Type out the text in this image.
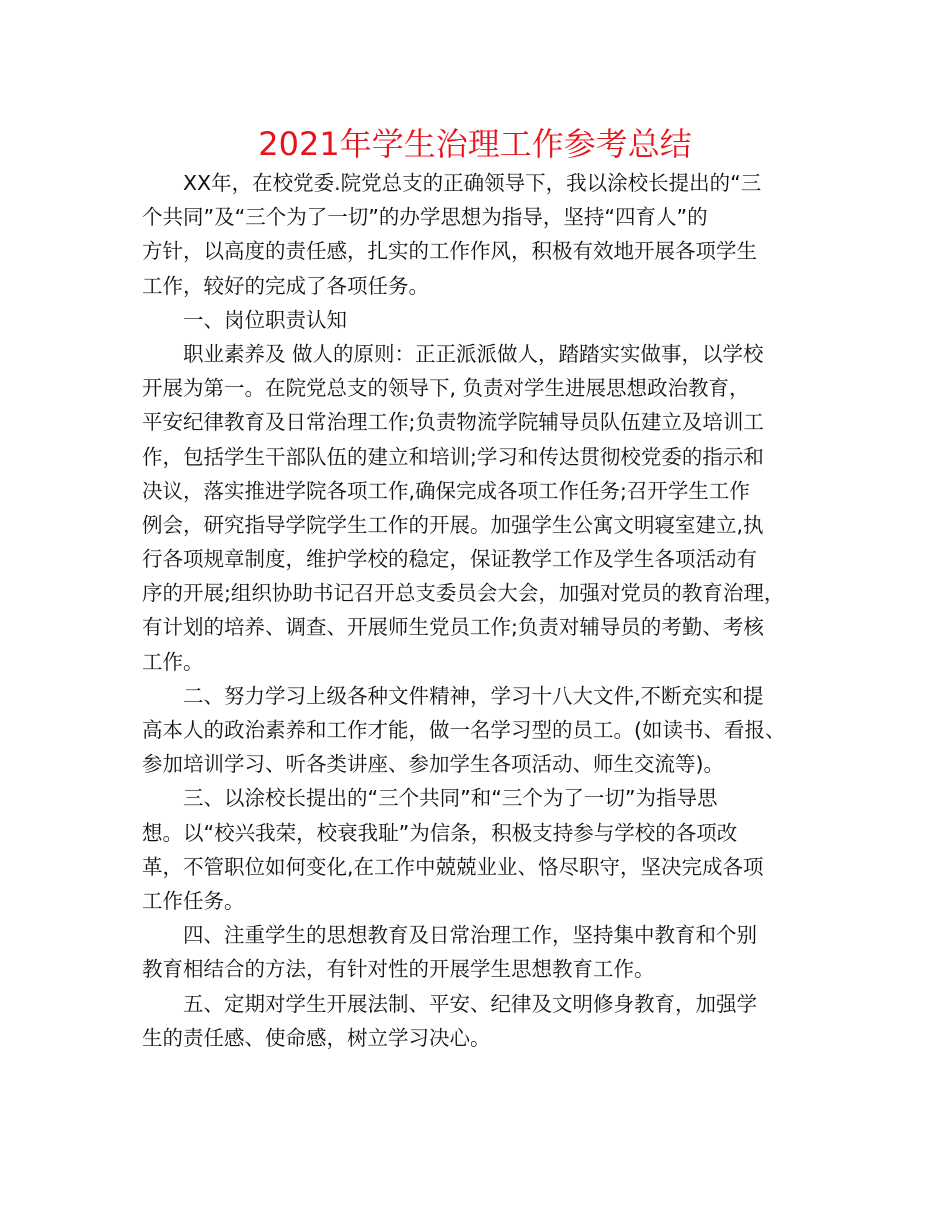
2021年学生治理工作参考总结
XX年，在校党委.院党总支的正确领导下，我以涂校长提出的“三
个共同”及“三个为了一切”的办学思想为指导，坚持“四育人”的
方针，以高度的责任感，扎实的工作作风，积极有效地开展各项学生
工作，较好的完成了各项任务。
一、岗位职责认知
职业素养及 做人的原则：正正派派做人，踏踏实实做事，以学校
开展为第一。在院党总支的领导下, 负责对学生进展思想政治教育，
平安纪律教育及日常治理工作;负责物流学院辅导员队伍建立及培训工
作，包括学生干部队伍的建立和培训;学习和传达贯彻校党委的指示和
决议，落实推进学院各项工作,确保完成各项工作任务;召开学生工作
例会，研究指导学院学生工作的开展。加强学生公寓文明寝室建立,执
行各项规章制度，维护学校的稳定，保证教学工作及学生各项活动有
序的开展;组织协助书记召开总支委员会大会，加强对党员的教育治理，
有计划的培养、调查、开展师生党员工作;负责对辅导员的考勤、考核
工作。
二、努力学习上级各种文件精神，学习十八大文件,不断充实和提
高本人的政治素养和工作才能，做一名学习型的员工。(如读书、看报、
参加培训学习、听各类讲座、参加学生各项活动、师生交流等)。
三、以涂校长提出的“三个共同”和“三个为了一切”为指导思
想。以“校兴我荣，校衰我耻”为信条，积极支持参与学校的各项改
革，不管职位如何变化,在工作中兢兢业业、恪尽职守，坚决完成各项
工作任务。
四、注重学生的思想教育及日常治理工作，坚持集中教育和个别
教育相结合的方法，有针对性的开展学生思想教育工作。
五、定期对学生开展法制、平安、纪律及文明修身教育，加强学
生的责任感、使命感，树立学习决心。
